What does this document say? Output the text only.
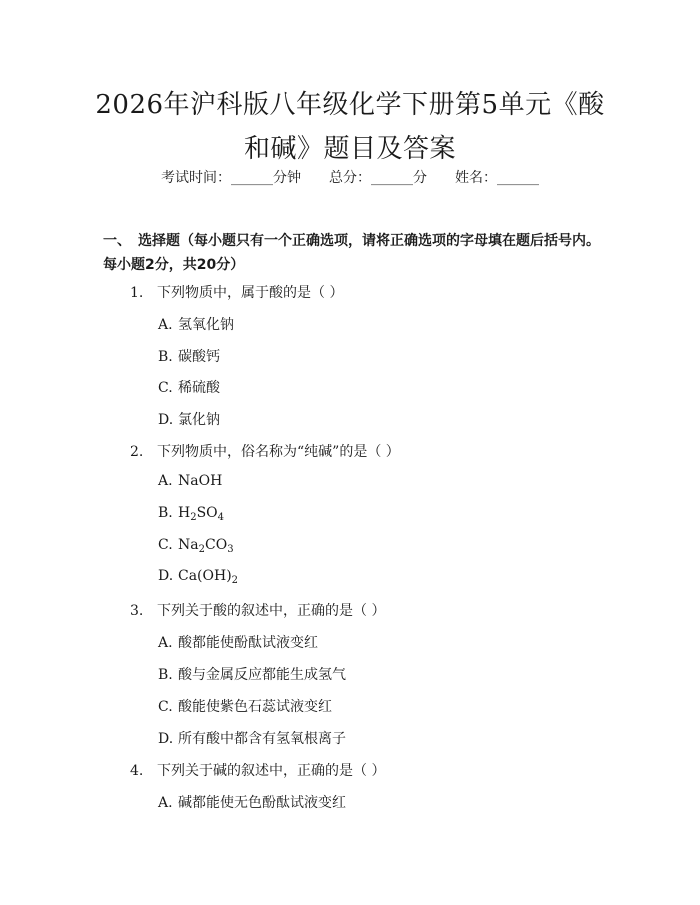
2026年沪科版八年级化学下册第5单元《酸
和碱》题目及答案
考试时间：______分钟 总分：______分 姓名：______
一、　选择题（每小题只有一个正确选项，请将正确选项的字母填在题后括号内。
每小题2分，共20分）
1. 下列物质中，属于酸的是（ ）
A. 氢氧化钠
B. 碳酸钙
C. 稀硫酸
D. 氯化钠
2. 下列物质中，俗名称为“纯碱”的是（ ）
A. NaOH
B. $H_2SO_4$
C. $Na_2CO_3$
D. $Ca(OH)_2$
3. 下列关于酸的叙述中，正确的是（ ）
A. 酸都能使酚酞试液变红
B. 酸与金属反应都能生成氢气
C. 酸能使紫色石蕊试液变红
D. 所有酸中都含有氢氧根离子
4. 下列关于碱的叙述中，正确的是（ ）
A. 碱都能使无色酚酞试液变红
